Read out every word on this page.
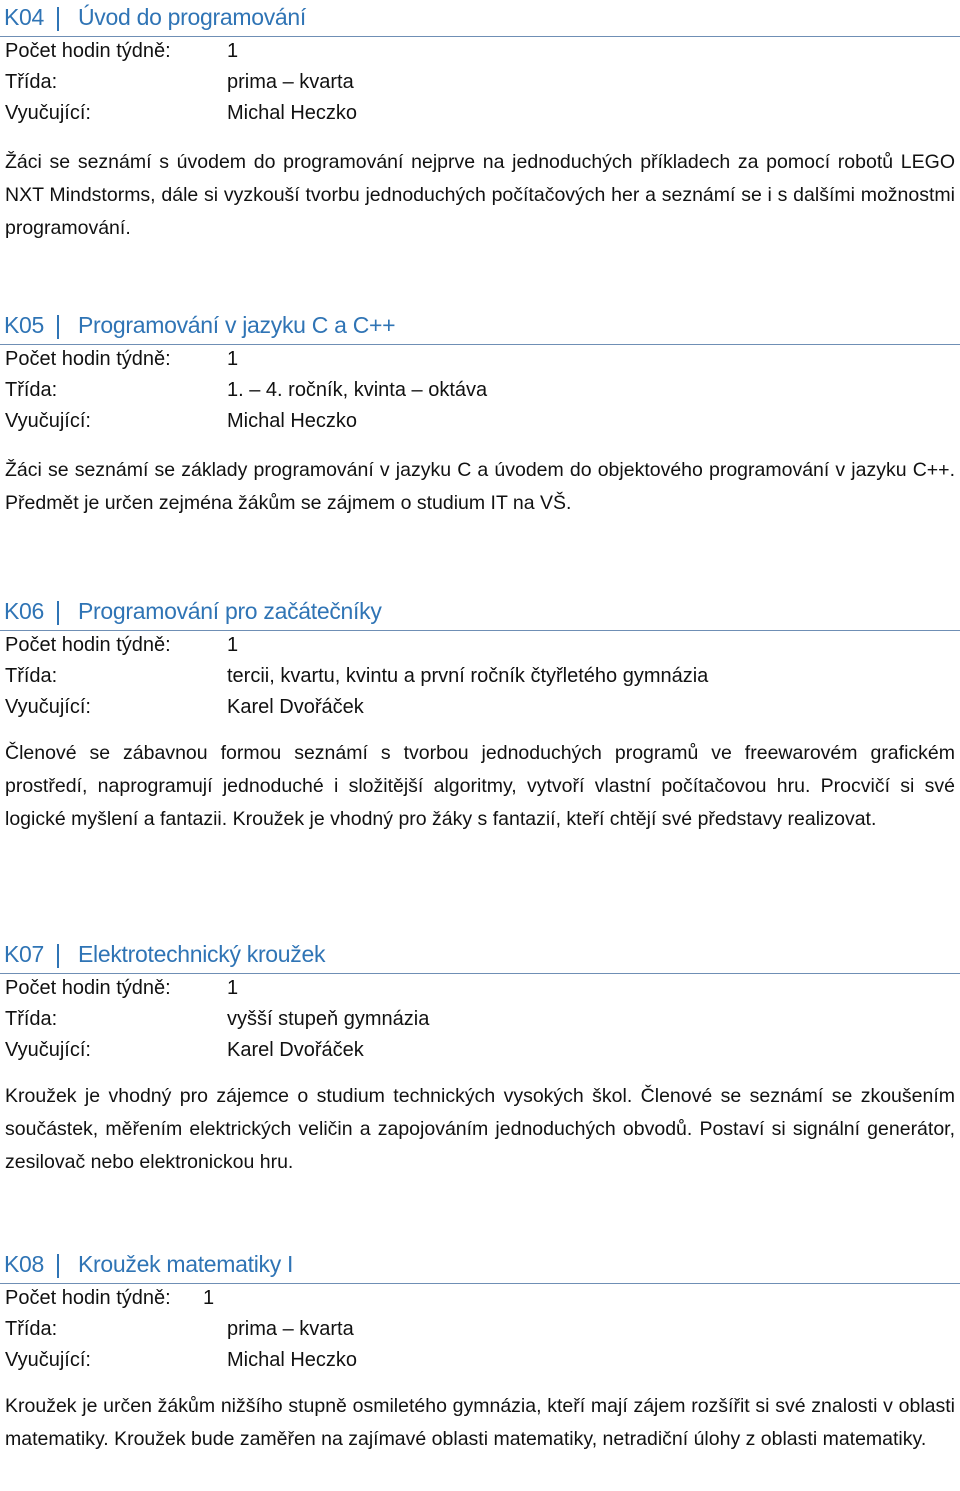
K04 Úvod do programování
Počet hodin týdně:	1
Třída:	prima – kvarta
Vyučující:	Michal Heczko

Žáci se seznámí s úvodem do programování nejprve na jednoduchých příkladech za pomocí robotů LEGO NXT Mindstorms, dále si vyzkouší tvorbu jednoduchých počítačových her a seznámí se i s dalšími možnostmi programování.

K05 Programování v jazyku C a C++
Počet hodin týdně:	1
Třída:	1. – 4. ročník, kvinta – oktáva
Vyučující:	Michal Heczko

Žáci se seznámí se základy programování v jazyku C a úvodem do objektového programování v jazyku C++. Předmět je určen zejména žákům se zájmem o studium IT na VŠ.

K06 Programování pro začátečníky
Počet hodin týdně:	1
Třída:	tercii, kvartu, kvintu a první ročník čtyřletého gymnázia
Vyučující:	Karel Dvořáček

Členové se zábavnou formou seznámí s tvorbou jednoduchých programů ve freewarovém grafickém prostředí, naprogramují jednoduché i složitější algoritmy, vytvoří vlastní počítačovou hru. Procvičí si své logické myšlení a fantazii. Kroužek je vhodný pro žáky s fantazií, kteří chtějí své představy realizovat.

K07 Elektrotechnický kroužek
Počet hodin týdně:	1
Třída:	vyšší stupeň gymnázia
Vyučující:	Karel Dvořáček

Kroužek je vhodný pro zájemce o studium technických vysokých škol. Členové se seznámí se zkoušením součástek, měřením elektrických veličin a zapojováním jednoduchých obvodů. Postaví si signální generátor, zesilovač nebo elektronickou hru.

K08 Kroužek matematiky I
Počet hodin týdně: 1
Třída:	prima – kvarta
Vyučující:	Michal Heczko

Kroužek je určen žákům nižšího stupně osmiletého gymnázia, kteří mají zájem rozšířit si své znalosti v oblasti matematiky. Kroužek bude zaměřen na zajímavé oblasti matematiky, netradiční úlohy z oblasti matematiky.
